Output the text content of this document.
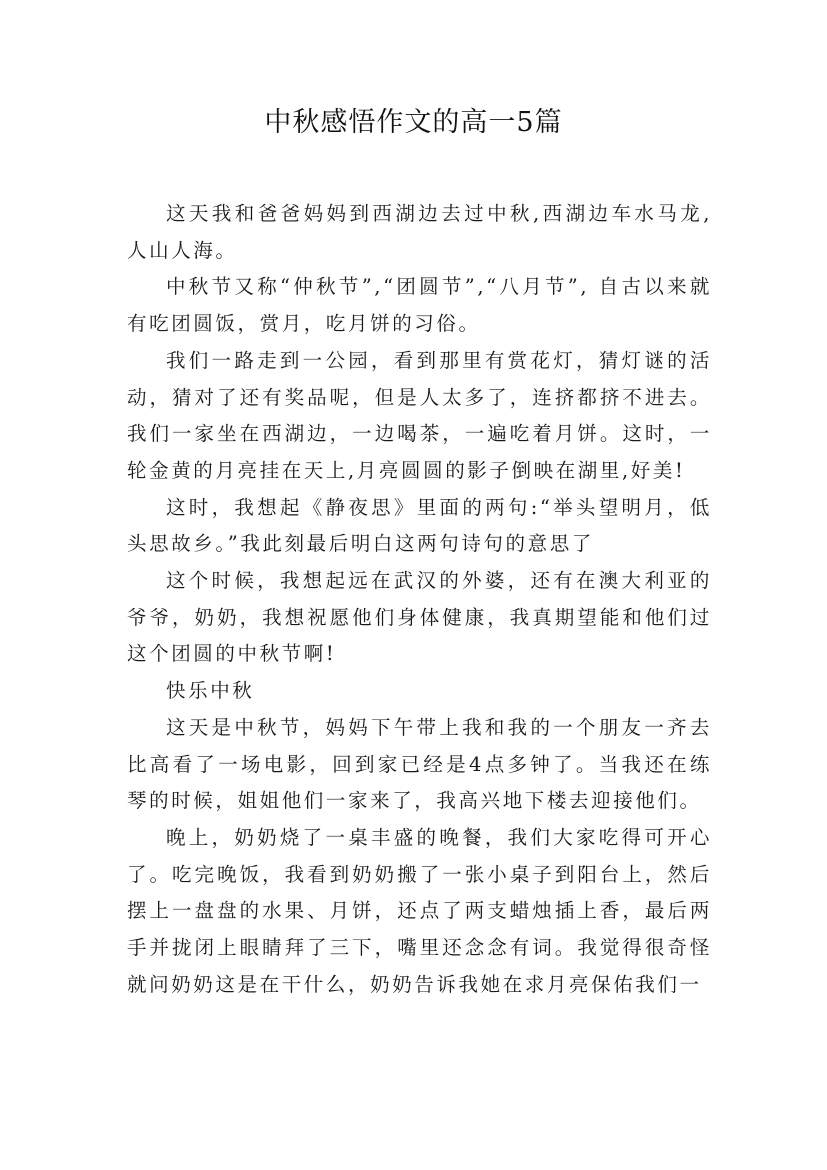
中秋感悟作文的高一5篇

这天我和爸爸妈妈到西湖边去过中秋,西湖边车水马龙,人山人海。

中秋节又称“仲秋节”,“团圆节”,“八月节”, 自古以来就有吃团圆饭，赏月，吃月饼的习俗。

我们一路走到一公园，看到那里有赏花灯，猜灯谜的活动，猜对了还有奖品呢，但是人太多了，连挤都挤不进去。我们一家坐在西湖边，一边喝茶，一遍吃着月饼。这时，一轮金黄的月亮挂在天上,月亮圆圆的影子倒映在湖里,好美!

这时，我想起《静夜思》里面的两句:“举头望明月，低头思故乡。”我此刻最后明白这两句诗句的意思了

这个时候，我想起远在武汉的外婆，还有在澳大利亚的爷爷，奶奶，我想祝愿他们身体健康，我真期望能和他们过这个团圆的中秋节啊!

快乐中秋

这天是中秋节，妈妈下午带上我和我的一个朋友一齐去比高看了一场电影，回到家已经是4点多钟了。当我还在练琴的时候，姐姐他们一家来了，我高兴地下楼去迎接他们。

晚上，奶奶烧了一桌丰盛的晚餐，我们大家吃得可开心了。吃完晚饭，我看到奶奶搬了一张小桌子到阳台上，然后摆上一盘盘的水果、月饼，还点了两支蜡烛插上香，最后两手并拢闭上眼睛拜了三下，嘴里还念念有词。我觉得很奇怪就问奶奶这是在干什么，奶奶告诉我她在求月亮保佑我们一
